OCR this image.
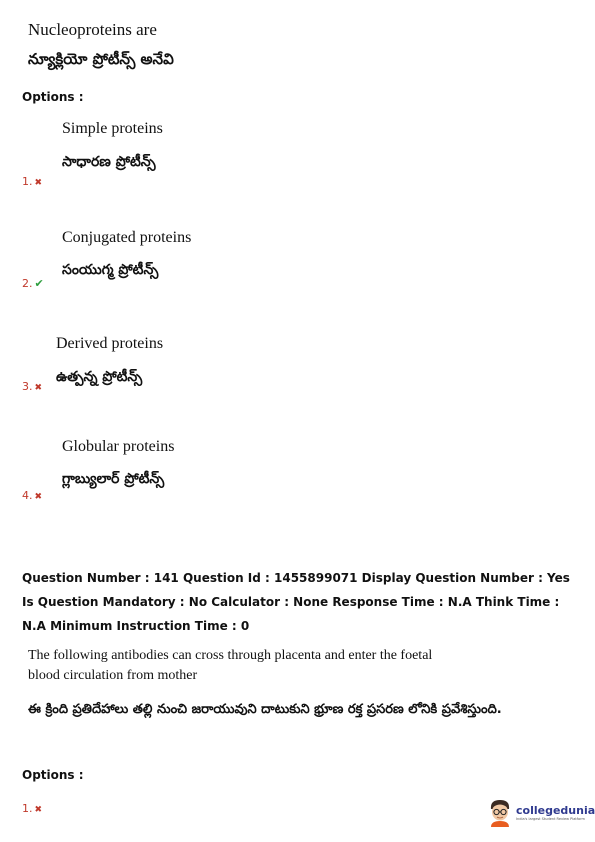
Nucleoproteins are
న్యూక్లియో ప్రోటీన్స్ అనేవి
Options :
Simple proteins
సాధారణ ప్రోటీన్స్
1. ✖
Conjugated proteins
సంయుగ్మ ప్రోటీన్స్
2. ✔
Derived proteins
ఉత్పన్న ప్రోటీన్స్
3. ✖
Globular proteins
గ్లాబ్యులార్ ప్రోటీన్స్
4. ✖
Question Number : 141 Question Id : 1455899071 Display Question Number : Yes Is Question Mandatory : No Calculator : None Response Time : N.A Think Time : N.A Minimum Instruction Time : 0
The following antibodies can cross through placenta and enter the foetal blood circulation from mother
ఈ క్రింది ప్రతిదేహాలు తల్లి నుంచి జరాయువుని దాటుకుని భ్రూణ రక్త ప్రసరణ లోనికి ప్రవేశిస్తుంది.
Options :
1. ✖	collegedunia
India's largest Student Review Platform
